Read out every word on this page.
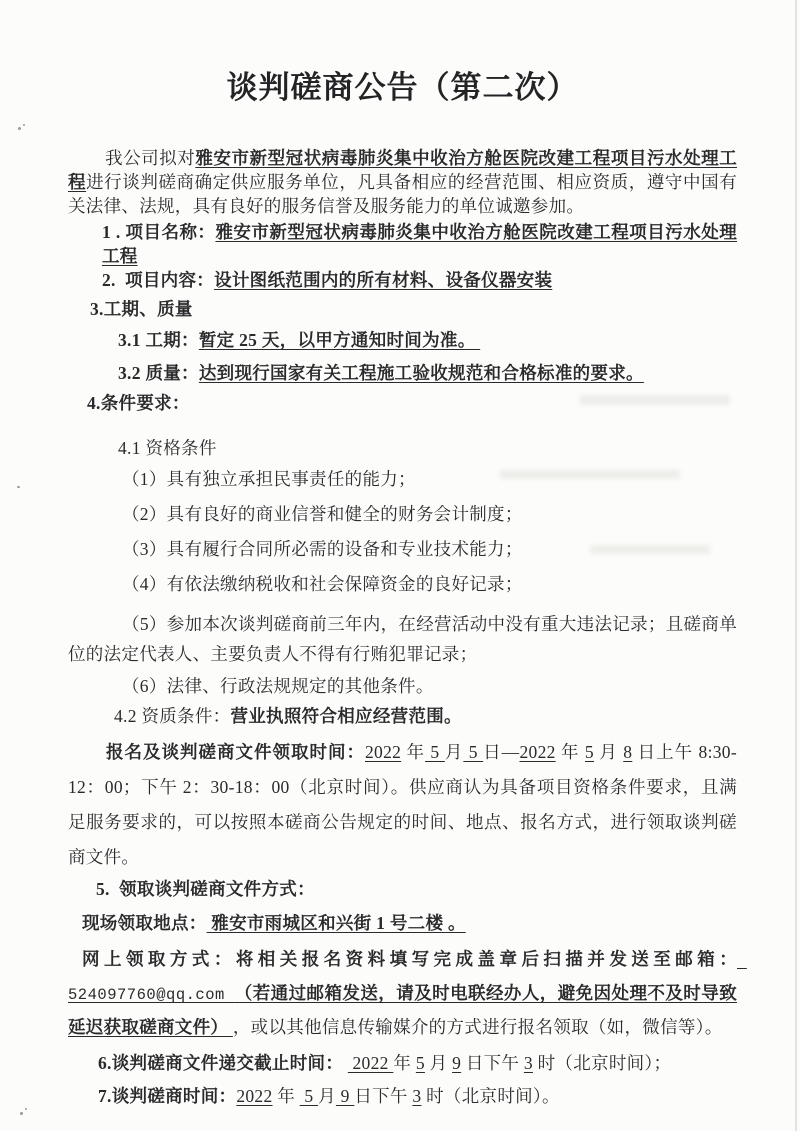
谈判磋商公告（第二次）

我公司拟对雅安市新型冠状病毒肺炎集中收治方舱医院改建工程项目污水处理工程进行谈判磋商确定供应服务单位，凡具备相应的经营范围、相应资质，遵守中国有关法律、法规，具有良好的服务信誉及服务能力的单位诚邀参加。

1 . 项目名称：雅安市新型冠状病毒肺炎集中收治方舱医院改建工程项目污水处理工程

2.  项目内容：设计图纸范围内的所有材料、设备仪器安装

3.工期、质量

3.1 工期：暂定 25 天，以甲方通知时间为准。

3.2 质量：达到现行国家有关工程施工验收规范和合格标准的要求。

4.条件要求：

4.1 资格条件

（1）具有独立承担民事责任的能力；

（2）具有良好的商业信誉和健全的财务会计制度；

（3）具有履行合同所必需的设备和专业技术能力；

（4）有依法缴纳税收和社会保障资金的良好记录；

（5）参加本次谈判磋商前三年内，在经营活动中没有重大违法记录；且磋商单位的法定代表人、主要负责人不得有行贿犯罪记录；

（6）法律、行政法规规定的其他条件。

4.2 资质条件：营业执照符合相应经营范围。

报名及谈判磋商文件领取时间：2022 年 5 月 5 日—2022 年 5 月 8 日上午 8:30-12：00；下午 2：30-18：00（北京时间）。供应商认为具备项目资格条件要求，且满足服务要求的，可以按照本磋商公告规定的时间、地点、报名方式，进行领取谈判磋商文件。

5.  领取谈判磋商文件方式：

现场领取地点： 雅安市雨城区和兴街 1 号二楼 。

网上领取方式：将相关报名资料填写完成盖章后扫描并发送至邮箱： 524097760@qq.com （若通过邮箱发送，请及时电联经办人，避免因处理不及时导致延迟获取磋商文件） ，或以其他信息传输媒介的方式进行报名领取（如，微信等）。

6.谈判磋商文件递交截止时间：  2022 年 5 月 9 日下午 3 时（北京时间）；

7.谈判磋商时间：2022 年  5 月 9 日下午 3 时（北京时间）。
